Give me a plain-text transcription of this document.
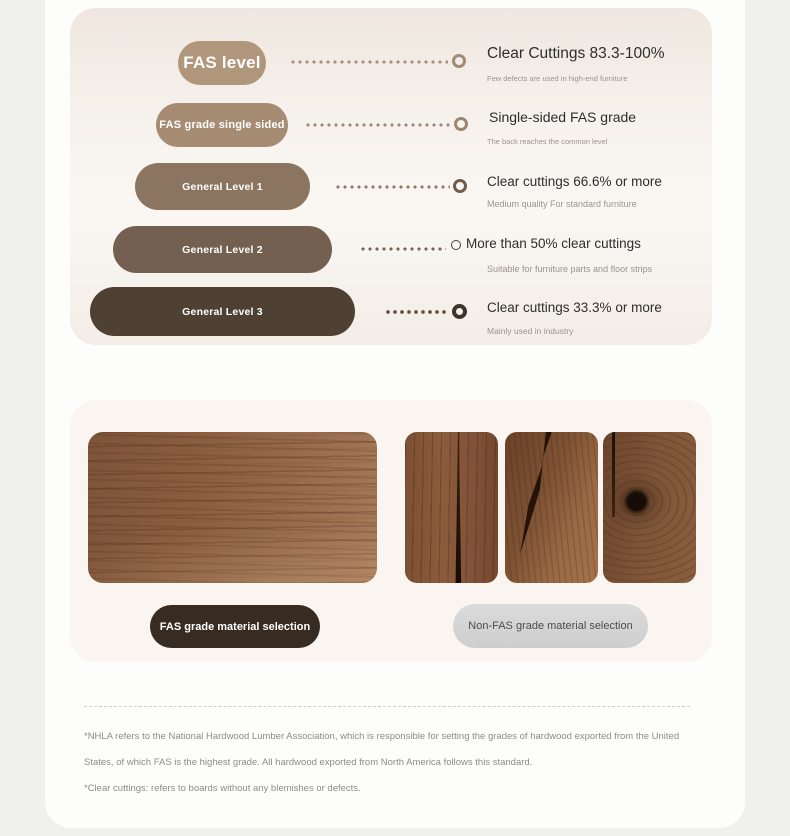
FAS level	Clear Cuttings 83.3-100%
Few defects are used in high-end furniture
FAS grade single sided	Single-sided FAS grade
The back reaches the common level
General Level 1	Clear cuttings 66.6% or more
Medium quality For standard furniture
General Level 2	More than 50% clear cuttings
Suitable for furniture parts and floor strips
General Level 3	Clear cuttings 33.3% or more
Mainly used in industry
FAS grade material selection	Non-FAS grade material selection

*NHLA refers to the National Hardwood Lumber Association, which is responsible for setting the grades of hardwood exported from the United States, of which FAS is the highest grade. All hardwood exported from North America follows this standard.

*Clear cuttings: refers to boards without any blemishes or defects.
